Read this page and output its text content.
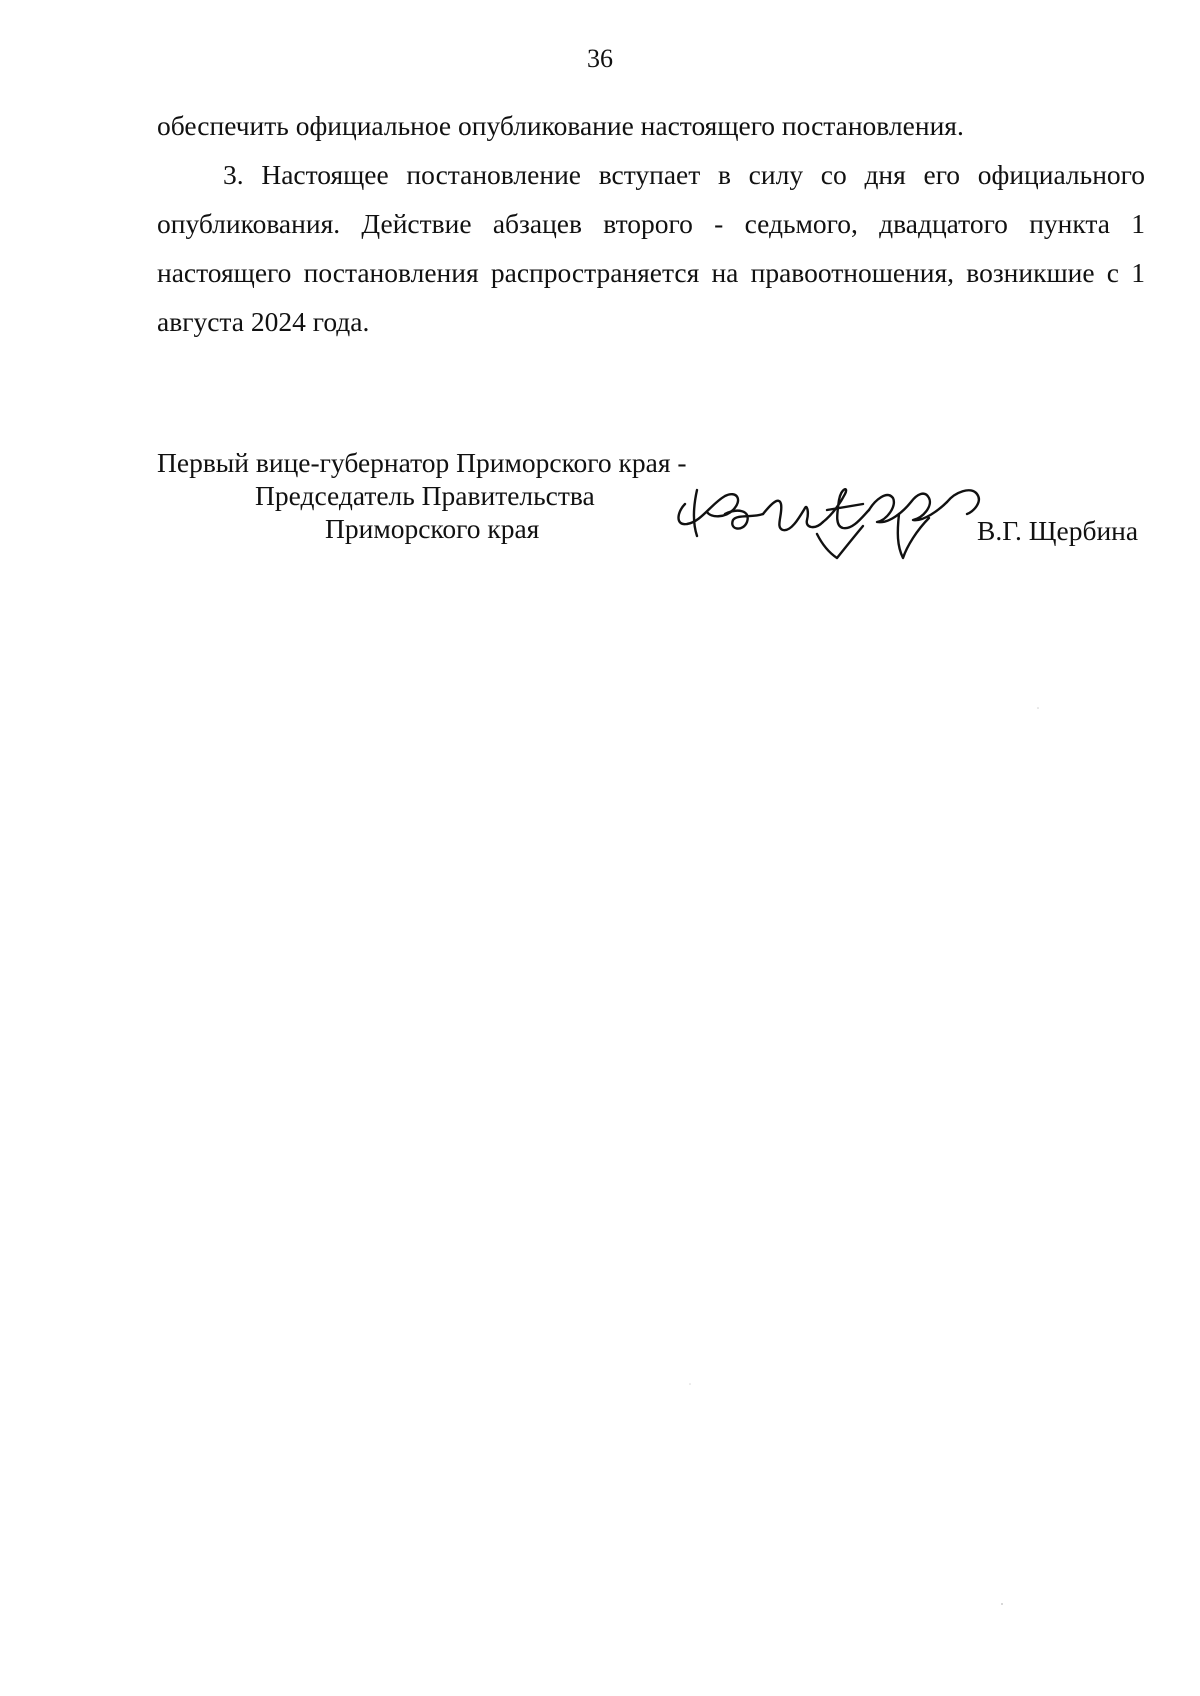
36

обеспечить официальное опубликование настоящего постановления.

3. Настоящее постановление вступает в силу со дня его официального опубликования. Действие абзацев второго - седьмого, двадцатого пункта 1 настоящего постановления распространяется на правоотношения, возникшие с 1 августа 2024 года.

Первый вице-губернатор Приморского края -
Председатель Правительства
Приморского края	В.Г. Щербина
